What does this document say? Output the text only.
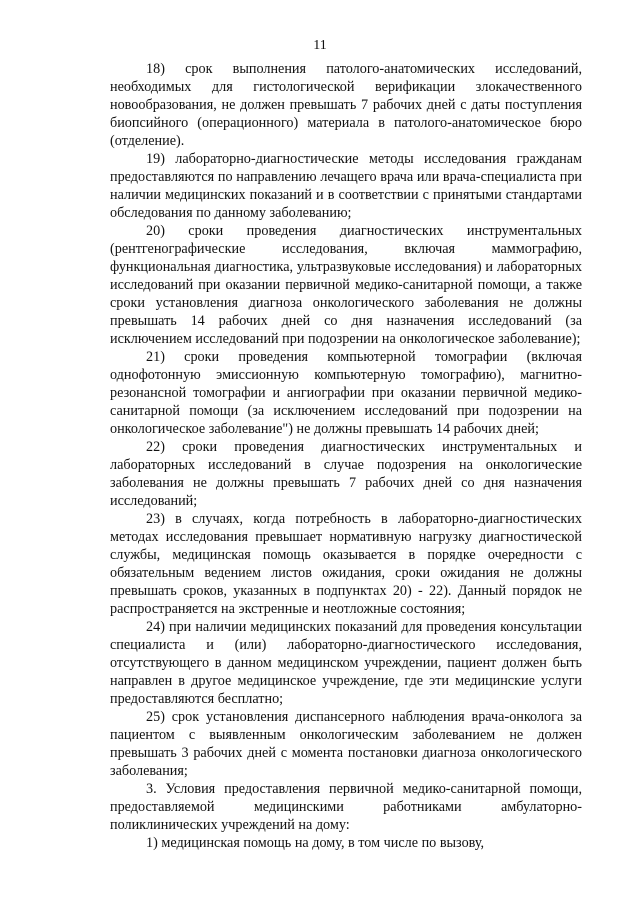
11

18) срок выполнения патолого-анатомических исследований, необходимых для гистологической верификации злокачественного новообразования, не должен превышать 7 рабочих дней с даты поступления биопсийного (операционного) материала в патолого-анатомическое бюро (отделение).

19) лабораторно-диагностические методы исследования гражданам предоставляются по направлению лечащего врача или врача-специалиста при наличии медицинских показаний и в соответствии с принятыми стандартами обследования по данному заболеванию;

20) сроки проведения диагностических инструментальных (рентгенографические исследования, включая маммографию, функциональная диагностика, ультразвуковые исследования) и лабораторных исследований при оказании первичной медико-санитарной помощи, а также сроки установления диагноза онкологического заболевания не должны превышать 14 рабочих дней со дня назначения исследований (за исключением исследований при подозрении на онкологическое заболевание);

21) сроки проведения компьютерной томографии (включая однофотонную эмиссионную компьютерную томографию), магнитно-резонансной томографии и ангиографии при оказании первичной медико-санитарной помощи (за исключением исследований при подозрении на онкологическое заболевание") не должны превышать 14 рабочих дней;

22) сроки проведения диагностических инструментальных и лабораторных исследований в случае подозрения на онкологические заболевания не должны превышать 7 рабочих дней со дня назначения исследований;

23) в случаях, когда потребность в лабораторно-диагностических методах исследования превышает нормативную нагрузку диагностической службы, медицинская помощь оказывается в порядке очередности с обязательным ведением листов ожидания, сроки ожидания не должны превышать сроков, указанных в подпунктах 20) - 22). Данный порядок не распространяется на экстренные и неотложные состояния;

24) при наличии медицинских показаний для проведения консультации специалиста и (или) лабораторно-диагностического исследования, отсутствующего в данном медицинском учреждении, пациент должен быть направлен в другое медицинское учреждение, где эти медицинские услуги предоставляются бесплатно;

25) срок установления диспансерного наблюдения врача-онколога за пациентом с выявленным онкологическим заболеванием не должен превышать 3 рабочих дней с момента постановки диагноза онкологического заболевания;

3. Условия предоставления первичной медико-санитарной помощи, предоставляемой медицинскими работниками амбулаторно-поликлинических учреждений на дому:

1) медицинская помощь на дому, в том числе по вызову,
